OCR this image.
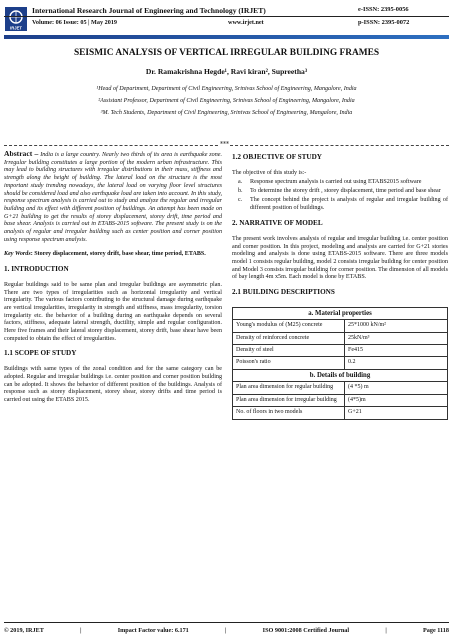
IRJET
International Research Journal of Engineering and Technology (IRJET)
Volume: 06 Issue: 05 | May 2019	www.irjet.net
e-ISSN: 2395-0056
p-ISSN: 2395-0072
SEISMIC ANALYSIS OF VERTICAL IRREGULAR BUILDING FRAMES
Dr. Ramakrishna Hegde¹, Ravi kiran², Supreetha³
¹Head of Department, Department of Civil Engineering, Srinivas School of Engineering, Mangalore, India
²Assistant Professor, Department of Civil Engineering, Srinivas School of Engineering, Mangalore, India
³M. Tech Students, Department of Civil Engineering, Srinivas School of Engineering, Mangalore, India
***

Abstract – India is a large country. Nearly two thirds of its area is earthquake zone. Irregular building constitutes a large portion of the modern urban infrastructure. This may lead to building structures with irregular distributions in their mass, stiffness and strength along the height of building. The lateral load on the structure is the most important study trending nowadays, the lateral load on varying floor level structures should be considered load and also earthquake load are taken into account. In this study, response spectrum analysis is carried out to study and analyze the regular and irregular building and its effect with different position of buildings. An attempt has been made on G+21 building to get the results of storey displacement, storey drift, time period and base shear. Analysis is carried out in ETABS-2015 software. The present study is on the analysis of regular and irregular building such as center position and corner position using response spectrum analysis.

Key Words: Storey displacement, storey drift, base shear, time period, ETABS.

1. INTRODUCTION

Regular buildings said to be same plan and irregular buildings are asymmetric plan. There are two types of irregularities such as horizontal irregularity and vertical irregularity. The various factors contributing to the structural damage during earthquake are vertical irregularities, irregularity in strength and stiffness, mass irregularity, torsion irregularity etc. the behavior of a building during an earthquake depends on several factors, stiffness, adequate lateral strength, ductility, simple and regular configuration. Here five frames and their lateral storey displacement, storey drift, base shear have been computed to obtain the effect of irregularities.

1.1 SCOPE OF STUDY

Buildings with same types of the zonal condition and for the same category can be adopted. Regular and irregular buildings i.e. center position and corner position building can be adopted. It shows the behavior of different position of the buildings. Analysis of response such as storey displacement, storey shear, storey drifts and time period is carried out using the ETABS 2015.

1.2 OBJECTIVE OF STUDY

The objective of this study is:-

a. Response spectrum analysis is carried out using ETABS2015 software
b. To determine the storey drift , storey displacement, time period and base shear
c. The concept behind the project is analysis of regular and irregular building of different position of buildings.
2. NARRATIVE OF MODEL

The present work involves analysis of regular and irregular building i.e. center position and corner position. In this project, modeling and analysis are carried for G+21 stories modeling and analysis is done using ETABS-2015 software. There are three models model 1 consists regular building, model 2 consists irregular building for center position and Model 3 consists irregular building for corner position. The dimension of all models of bay length 4m x5m. Each model is done by ETABS.

2.1 BUILDING DESCRIPTIONS
a. Material properties	
Young's modulus of (M25) concrete	25*1000 kN/m²
Density of reinforced concrete	25kN/m³
Density of steel	Fe415
Poisson's ratio	0.2
b. Details of building	
Plan area dimension for regular building	(4 *5) m
Plan area dimension for irregular building	(4*5)m
No. of floors in two models	G+21
© 2019, IRJET	|	Impact Factor value: 6.171	|	ISO 9001:2008 Certified Journal	|	Page 1118
